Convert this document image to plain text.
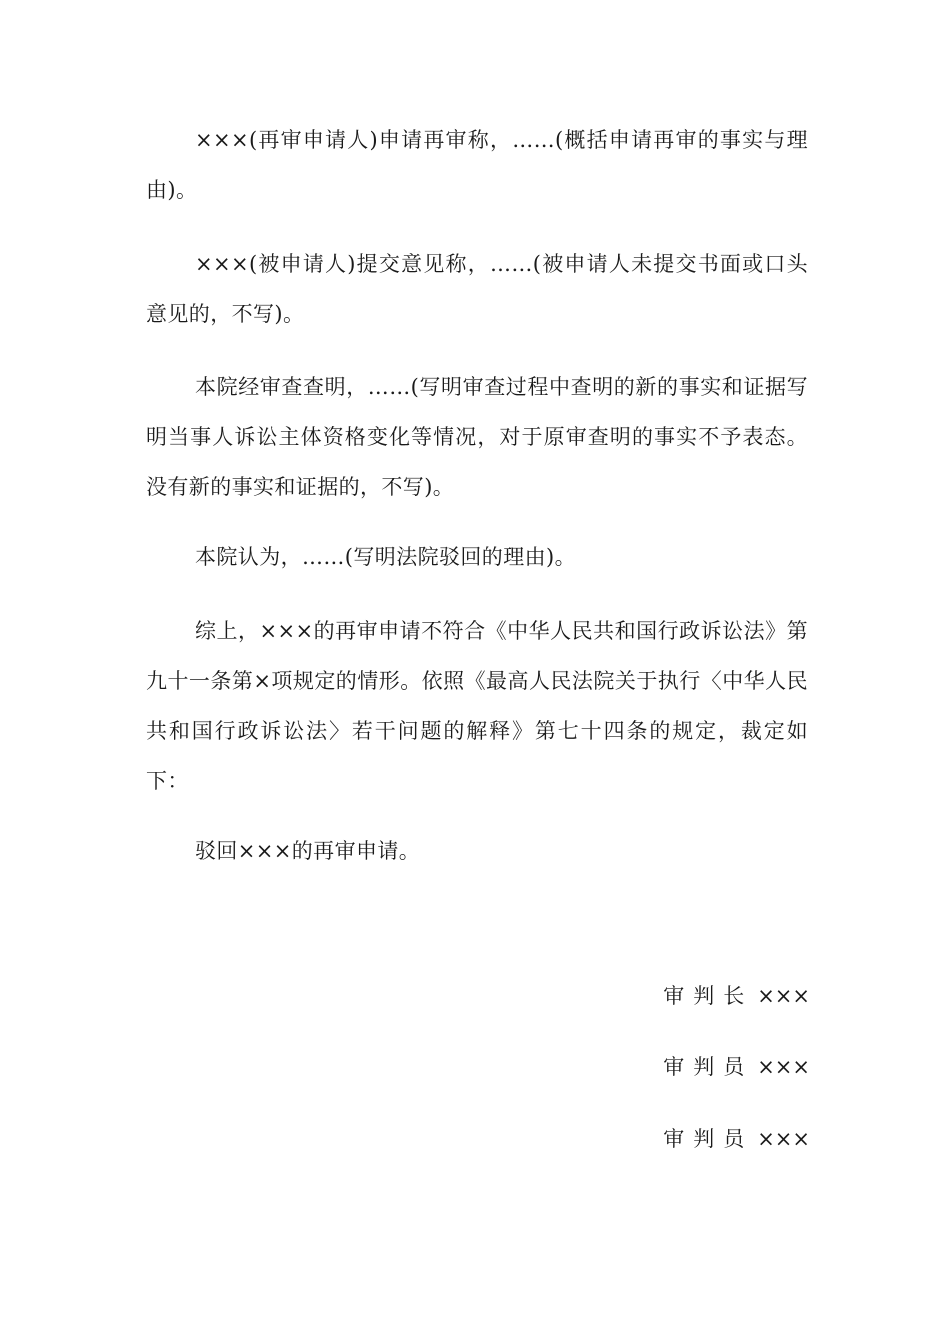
×××(再审申请人)申请再审称，……(概括申请再审的事实与理由)。

×××(被申请人)提交意见称，……(被申请人未提交书面或口头意见的，不写)。

本院经审查查明，……(写明审查过程中查明的新的事实和证据写明当事人诉讼主体资格变化等情况，对于原审查明的事实不予表态。没有新的事实和证据的，不写)。

本院认为，……(写明法院驳回的理由)。

综上，×××的再审申请不符合《中华人民共和国行政诉讼法》第九十一条第×项规定的情形。依照《最高人民法院关于执行〈中华人民共和国行政诉讼法〉若干问题的解释》第七十四条的规定，裁定如下：

驳回×××的再审申请。

审判长 ×××
审判员 ×××
审判员 ×××
